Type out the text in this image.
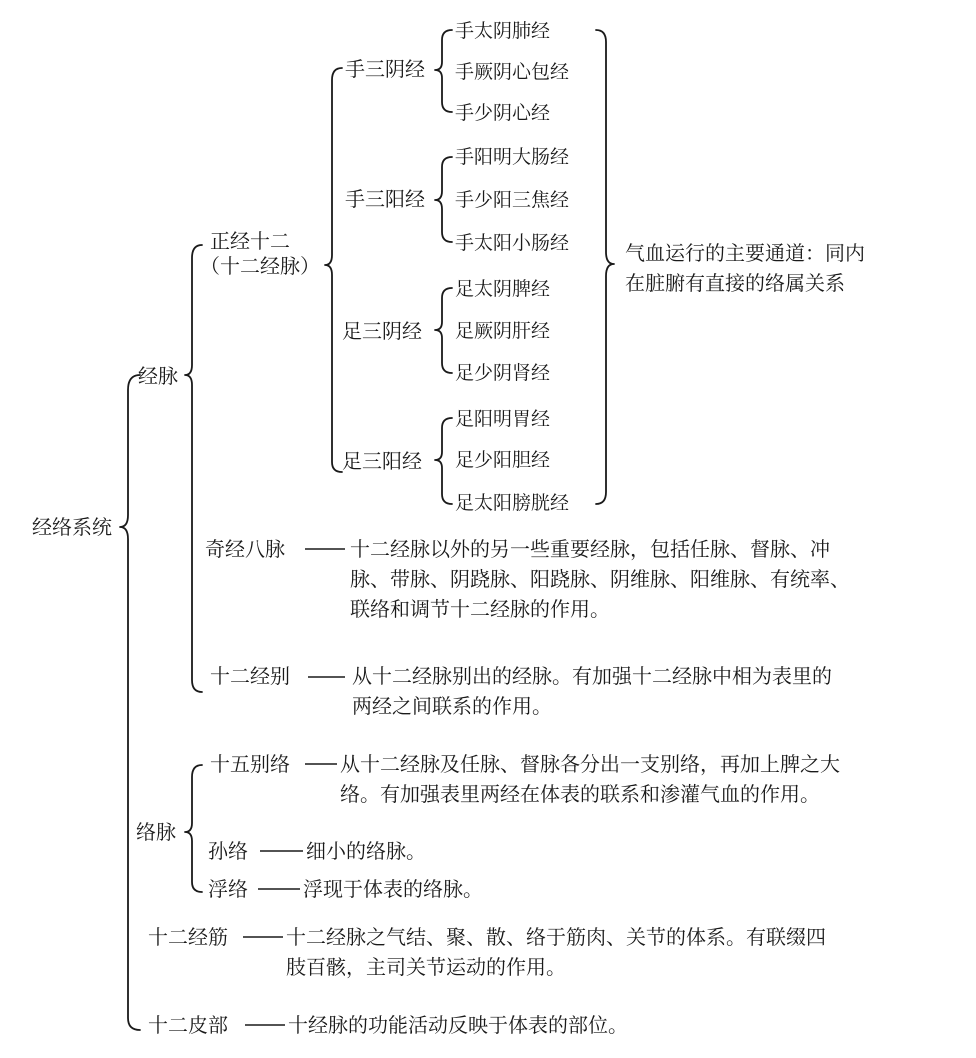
经络系统
经脉
正经十二
（十二经脉）
手三阴经
手三阳经
足三阴经
足三阳经
手太阴肺经
手厥阴心包经
手少阴心经
手阳明大肠经
手少阳三焦经
手太阳小肠经
足太阴脾经
足厥阴肝经
足少阴肾经
足阳明胃经
足少阳胆经
足太阳膀胱经
气血运行的主要通道：同内
在脏腑有直接的络属关系
奇经八脉	十二经脉以外的另一些重要经脉，包括任脉、督脉、冲
脉、带脉、阴跷脉、阳跷脉、阴维脉、阳维脉、有统率、
联络和调节十二经脉的作用。
十二经别	从十二经脉别出的经脉。有加强十二经脉中相为表里的
两经之间联系的作用。
络脉
十五别络	从十二经脉及任脉、督脉各分出一支别络，再加上脾之大
络。有加强表里两经在体表的联系和渗灌气血的作用。
孙络	细小的络脉。
浮络	浮现于体表的络脉。
十二经筋	十二经脉之气结、聚、散、络于筋肉、关节的体系。有联缀四
肢百骸，主司关节运动的作用。
十二皮部	十经脉的功能活动反映于体表的部位。
